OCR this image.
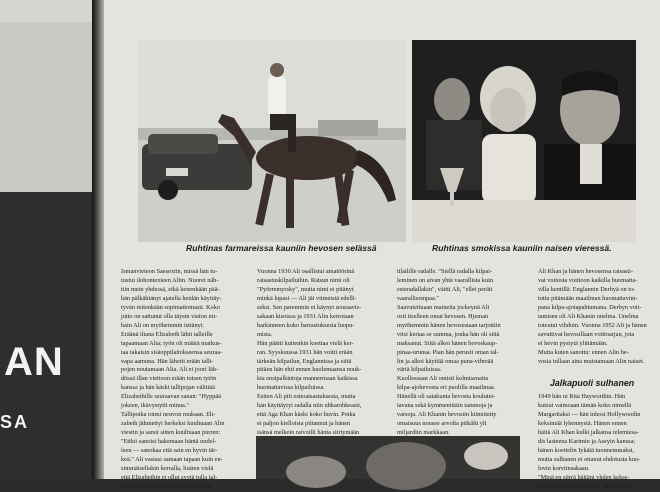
AN
SA
Ruhtinas farmareissa kauniin hevosen selässä	Ruhtinas smokissa kauniin naisen vieressä.

Ismanvieteon Saesexiin, missä hän tu-

tustui ilohontexieen Aliin. Nuoret näh-

tiin mein yhdessä, eikä kenenkään pää-

hän pälkähtänyt ajatella heidän käyttäy-

tyvän mitenkään sopimattomasti. Koko

jutto on sattunut olla täysin viaton nii-

hain Ali on myöhemmin isttänyt.

Eräänä iltana Elizabeth lähti talleille

tapaamaan Alia; työn oli määrä matkus-

taa takaisin sisäoppilaitokseensa seuraa-

vapa aamuna. Hän lähetti erään talli-

pojen noutamaan Alia. Ali ei joori läh-

dössä illan viettoon erään toisen tytön

kanssa ja hän käski tallipojan välittää

Elizabethille seuraavan sanan: "Hyppää

jokeen, ikävystytit minua."

Tallipoika toimi neuvon mukaan. Eli-

zabeth jähmettyi herkeksi kuultuaan Alin

viestin ja sanoi sitten kuultuaan purren:

"Ettkö sanoisi hakemaan häntä uudel-

leen — sanokaa että sain en hyvin tär-

keä." Ali vastasi samaan tapaan kuin en-

simmäisellakin kerralla, lisäten vielä

että Elizabethin ei ollut syytä tulla tal-

lille tekemään itseään naurettavaksi.

Vuonna 1930 Ali osallistui amatöörinä

ratsastuskilpailuihin. Ratsun nimi oli

"Pyörremyrsky", mutta nimi ei pitänyt

minkä lupasi — Ali jäi viimeistä edelli-

seksi. Sen paremmin ei käynyt seuraavis-

sakaan kisoissa ja 1931 Alin kerrotaan

harkinneen koko harrastuksesta luopu-

mista.

Hän päätti kuitenkin koettaa vielä ker-

ran. Syyskuussa 1931 hän voitti erään

tärkeän kilpailun, Englannissa ja siitä

pitäen hän ehti ennen kuolemaansa nouk-

kia ensipalkintoja mannermaan kaikissa

huomattavissa kilpailuissa.

Esiten Ali piti esteratsastuksesta, mutta

hän käyttäytyi radalla niin uhkarohkeasti,

että Aga Khan käski koko huvin. Poika

ei paljon kielloista piitannut ja hänen

isänsä melkein raivoilli hänta siirtymään

tilailille radalle. "Siellä radalla kilpai-

leminen on aivan yhtä vaarallista kuin

esteradallakin", väitti Ali, "ellei peräti

vaarallisempaa."

Saavutettuaan maineita jockeynä Ali

osti itselleen omat hevosen. Hjeman

myöhemmin hänen hevosestaan tarjottiin

viisi kertaa se summa, jonka hän oli siitä

maksanut. Siitä alkoi hänen hevoskaup-

pinaa-urunsa. Pian hän perusti oman tal-

lin ja alkoi käyttää omaa puna-vihreää

väriä kilpailuissa.

Kuollessaan Ali omisti kolmisenatta

kilpa-ajohevosta eri puolilla maailmaa.

Hänellä oli satakunta hevosta koulutet-

tavana sekä kymmenittäin tammoja ja

varsoja. Ali Khanin hevosiin kiinnitetty

omaisuus nousee arvolta pitkälti yli

miljardiin markkaan.

Ali Khan ja hänen hevosensa ratsasti-

vat voitosta voittoon kaikilla huomatta-

villa kentillä. Englannin Derbyä on to-

tuttu pitämään maailman huomattavim-

pana kilpa-ajotapahtumana. Derbyn voit-

tamisen oli Ali Khanin unelma. Unelma

toteutui vihdoin. Vuonna 1952 Ali ja hänen

savuttivat hevosillaan voittoarjan, jota

ei hevin pystytä ylittämään.

Mutta kuten sanottu: ennen Alin he-

vosia tullaan aina muistamaan Alin naiset.

Jalkapuoli sulhanen

1949 hän ni Rita Hayworthin. Hän

kutsui vaimoaan tämän koko nimellä

Margaritaksi — hän inhosi Hollywoodin

keksimää lyhennystä. Hänen ennen

häitä Ali Khan kulki jalkansa telemiesa-

dis lasteena Karimin ja Aseyin kanssa;

hänen koettelin Iykätä tuonnemmaksi,

mutta sulhanen ei ottanut ehdotusta kuu-

lovin korviinsakaan.

"Minä en siirrä häitäni yhden kekse-

nen jalkapahasen vuoksi," hän julisti.
